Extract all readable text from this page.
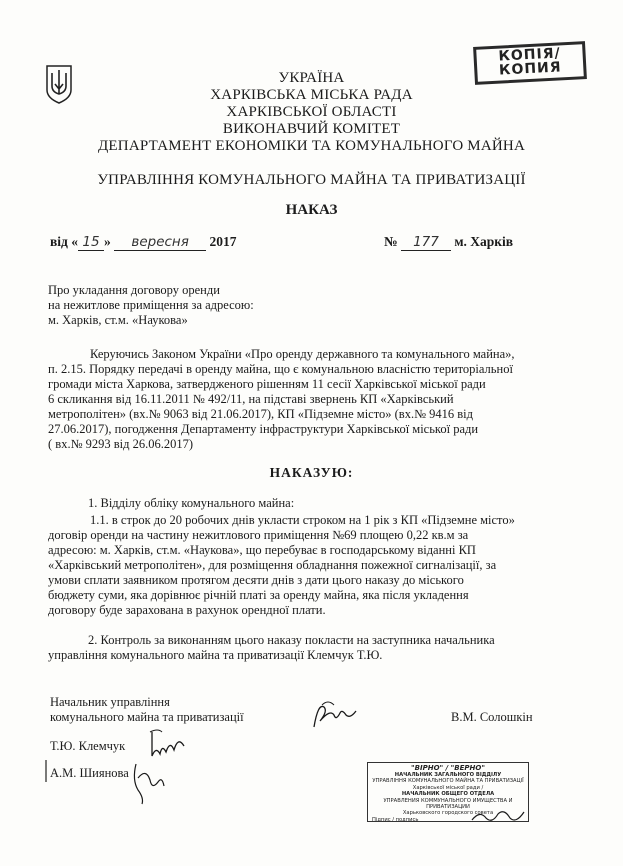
КОПІЯ/
КОПИЯ
УКРАЇНА
ХАРКІВСЬКА МІСЬКА РАДА
ХАРКІВСЬКОЇ ОБЛАСТІ
ВИКОНАВЧИЙ КОМІТЕТ
ДЕПАРТАМЕНТ ЕКОНОМІКИ ТА КОМУНАЛЬНОГО МАЙНА
УПРАВЛІННЯ КОМУНАЛЬНОГО МАЙНА ТА ПРИВАТИЗАЦІЇ
НАКАЗ
від « 15 » вересня 2017	№ 177 м. Харків
Про укладання договору оренди
на нежитлове приміщення за адресою:
м. Харків, ст.м. «Наукова»
Керуючись Законом України «Про оренду державного та комунального майна»,
п. 2.15. Порядку передачі в оренду майна, що є комунальною власністю територіальної
громади міста Харкова, затвердженого рішенням 11 сесії Харківської міської ради
6 скликання від 16.11.2011 № 492/11, на підставі звернень КП «Харківський
метрополітен» (вх.№ 9063 від 21.06.2017), КП «Підземне місто» (вх.№ 9416 від
27.06.2017), погодження Департаменту інфраструктури Харківської міської ради
( вх.№ 9293 від 26.06.2017)
НАКАЗУЮ:
1. Відділу обліку комунального майна:
1.1. в строк до 20 робочих днів укласти строком на 1 рік з КП «Підземне місто»
договір оренди на частину нежитлового приміщення №69 площею 0,22 кв.м за
адресою: м. Харків, ст.м. «Наукова», що перебуває в господарському віданні КП
«Харківський метрополітен», для розміщення обладнання пожежної сигналізації, за
умови сплати заявником протягом десяти днів з дати цього наказу до міського
бюджету суми, яка дорівнює річній платі за оренду майна, яка після укладення
договору буде зарахована в рахунок орендної плати.
2. Контроль за виконанням цього наказу покласти на заступника начальника
управління комунального майна та приватизації Клемчук Т.Ю.
Начальник управління
комунального майна та приватизації	В.М. Солошкін
Т.Ю. Клемчук
А.М. Шиянова	"ВІРНО" / "ВЕРНО"
НАЧАЛЬНИК ЗАГАЛЬНОГО ВІДДІЛУ
УПРАВЛІННЯ КОМУНАЛЬНОГО МАЙНА ТА ПРИВАТИЗАЦІЇ
Харківської міської ради /
НАЧАЛЬНИК ОБЩЕГО ОТДЕЛА
УПРАВЛЕНИЯ КОММУНАЛЬНОГО ИМУЩЕСТВА И ПРИВАТИЗАЦИИ
Харьковского городского совета
Підпис / подпись
